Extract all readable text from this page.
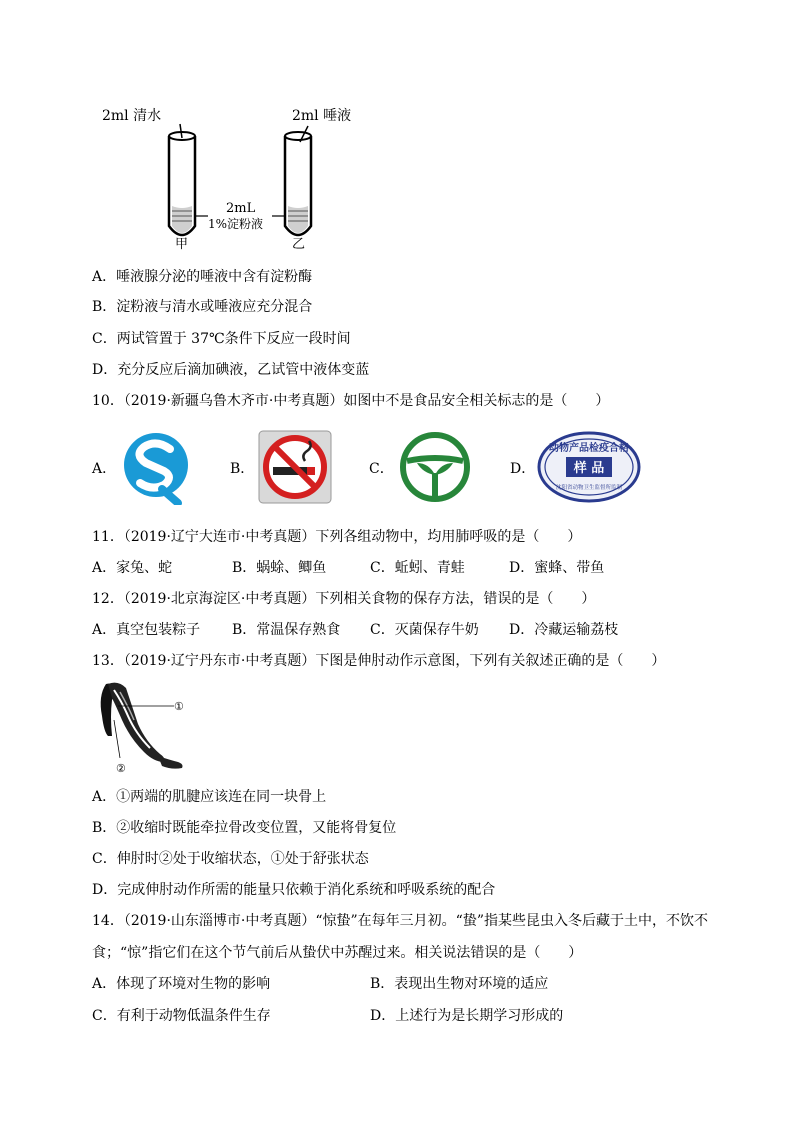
2ml 清水	2ml 唾液
2mL
1%淀粉液
甲	乙
A．唾液腺分泌的唾液中含有淀粉酶
B．淀粉液与清水或唾液应充分混合
C．两试管置于 37℃条件下反应一段时间
D．充分反应后滴加碘液，乙试管中液体变蓝
10．（2019·新疆乌鲁木齐市·中考真题）如图中不是食品安全相关标志的是（　　）
A．	B．	C．	D．
动物产品检疫合格
样 品
沈阳省动物卫生监督所监制
11．（2019·辽宁大连市·中考真题）下列各组动物中，均用肺呼吸的是（　　）
A．家兔、蛇	B．蜗蜍、鲫鱼	C．蚯蚓、青蛙	D．蜜蜂、带鱼
12．（2019·北京海淀区·中考真题）下列相关食物的保存方法，错误的是（　　）
A．真空包装粽子 B．常温保存熟食 C．灭菌保存牛奶 D．冷藏运输荔枝
13．（2019·辽宁丹东市·中考真题）下图是伸肘动作示意图，下列有关叙述正确的是（　　）
①
②
A．①两端的肌腱应该连在同一块骨上
B．②收缩时既能牵拉骨改变位置，又能将骨复位
C．伸肘时②处于收缩状态，①处于舒张状态
D．完成伸肘动作所需的能量只依赖于消化系统和呼吸系统的配合
14．（2019·山东淄博市·中考真题）“惊蛰”在每年三月初。“蛰”指某些昆虫入冬后藏于土中，不饮不
食；“惊”指它们在这个节气前后从蛰伏中苏醒过来。相关说法错误的是（　　）
A．体现了环境对生物的影响	B．表现出生物对环境的适应
C．有利于动物低温条件生存	D．上述行为是长期学习形成的
